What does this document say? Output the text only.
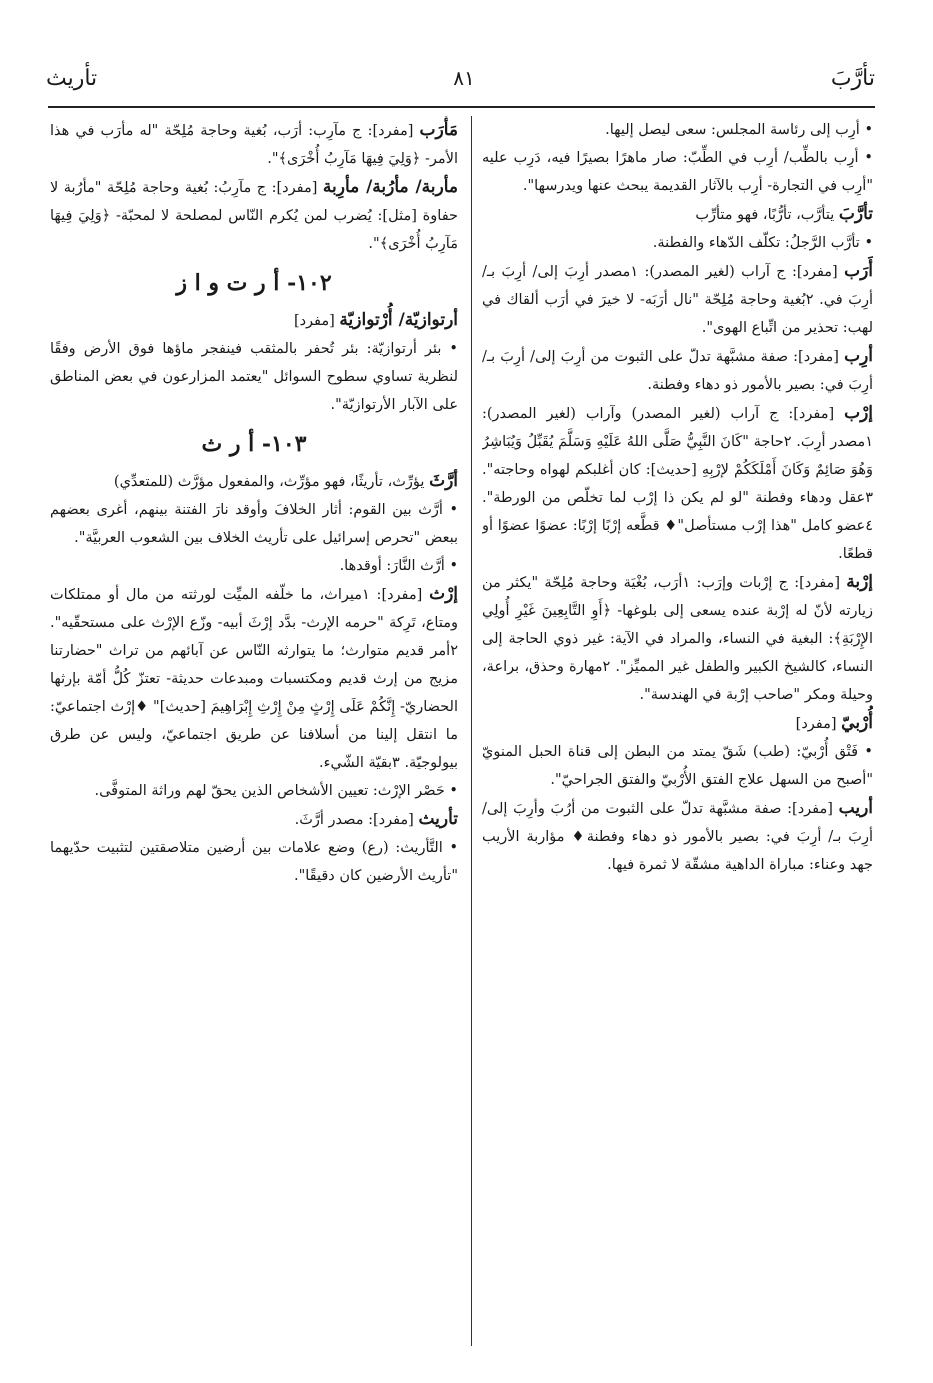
تأرَّبَ
٨١
تأريث

• أرِب إلى رئاسة المجلس: سعى ليصل إليها.

• أرِب بالطِّب/ أرِب في الطِّبّ: صار ماهرًا بصيرًا فيه، دَرِب عليه "أرِب في التجارة- أرِب بالآثار القديمة يبحث عنها ويدرسها".

تأرَّبَ يتأرَّب، تأرُّبًا، فهو متأرِّب

• تأرَّب الرَّجلُ: تكلّف الدّهاء والفطنة.

أَرَب [مفرد]: ج آراب (لغير المصدر): ١مصدر أرِبَ إلى/ أرِبَ بـ/ أرِبَ في. ٢بُغية وحاجة مُلِحّة "نال أرَبَه- لا خيرَ في أرَب ألقاك في لهب: تحذير من اتِّباع الهوى".

أرِب [مفرد]: صفة مشبَّهة تدلّ على الثبوت من أرِبَ إلى/ أرِبَ بـ/ أرِبَ في: بصير بالأمور ذو دهاء وفطنة.

إرْب [مفرد]: ج آراب (لغير المصدر) وآراب (لغير المصدر): ١مصدر أرِبَ. ٢حاجة "كَانَ النَّبِيُّ صَلَّى اللهُ عَلَيْهِ وَسَلَّمَ يُقَبِّلُ وَيُبَاشِرُ وَهُوَ صَائِمٌ وَكَانَ أَمْلَكَكُمْ لإرْبِهِ [حديث]: كان أغلبكم لهواه وحاجته". ٣عقل ودهاء وفطنة "لو لم يكن ذا إرْب لما تخلّص من الورطة". ٤عضو كامل "هذا إرْب مستأصل"♦ قطَّعه إرْبًا إرْبًا: عضوًا عضوًا أو قطعًا.

إرْبة [مفرد]: ج إرْبات وإرَب: ١أرَب، بُغْيَة وحاجة مُلِحّة "يكثر من زيارته لأنّ له إرْبة عنده يسعى إلى بلوغها- ﴿أَوِ التَّابِعِينَ غَيْرِ أُولِي الإِرْبَةِ﴾: البغية في النساء، والمراد في الآية: غير ذوي الحاجة إلى النساء، كالشيخ الكبير والطفل غير المميِّز". ٢مهارة وحذق، براعة، وحيلة ومكر "صاحب إرْبة في الهندسة".

أُرْبيّ [مفرد]

• فَتْق أُرْبيّ: (طب) شَقّ يمتد من البطن إلى قناة الحبل المنويّ "أصبح من السهل علاج الفتق الأُرْبيّ والفتق الجراحيّ".

أريب [مفرد]: صفة مشبَّهة تدلّ على الثبوت من أرُبَ وأرِبَ إلى/ أرِبَ بـ/ أرِبَ في: بصير بالأمور ذو دهاء وفطنة♦ مؤاربة الأريب جهد وعناء: مباراة الداهية مشقّة لا ثمرة فيها.

مَأْرَب [مفرد]: ج مآرِب: أرَب، بُغية وحاجة مُلِحّة "له مأرَب في هذا الأمر- ﴿وَلِيَ فِيهَا مَآرِبُ أُخْرَى﴾".

مأربة/ مأرُبة/ مأرِبة [مفرد]: ج مآرِبُ: بُغية وحاجة مُلِحّة "مأرُبة لا حفاوة [مثل]: يُضرب لمن يُكرم النّاس لمصلحة لا لمحبّة- ﴿وَلِيَ فِيهَا مَآرِبُ أُخْرَى﴾".

١٠٢- أ ر ت و ا ز

أرتوازيّة/ أُرْتوازيّة [مفرد]

• بئر أرتوازيّة: بئر تُحفر بالمثقب فينفجر ماؤها فوق الأرض وفقًا لنظرية تساوي سطوح السوائل "يعتمد المزارعون في بعض المناطق على الآبار الأرتوازيّة".

١٠٣- أ ر ث

أرَّثَ يؤرِّث، تأريثًا، فهو مؤرِّث، والمفعول مؤرَّث (للمتعدِّي)

• أرَّث بين القوم: أثار الخلافَ وأوقد نارَ الفتنة بينهم، أغرى بعضهم ببعض "تحرص إسرائيل على تأريث الخلاف بين الشعوب العربيَّة".

• أرَّث النَّارَ: أوقدها.

إرْث [مفرد]: ١ميراث، ما خلّفه الميِّت لورثته من مال أو ممتلكات ومتاع، تَرِكة "حرمه الإرث- بدَّد إرْثَ أبيه- وزّع الإرْث على مستحقّيه". ٢أمر قديم متوارث؛ ما يتوارثه النّاس عن آبائهم من تراث "حضارتنا مزيج من إرث قديم ومكتسبات ومبدعات حديثة- تعتزّ كُلُّ أمّة بإرثها الحضاريّ- إِنَّكُمْ عَلَى إِرْثٍ مِنْ إِرْثِ إِبْرَاهِيمَ [حديث]" ♦إرْث اجتماعيّ: ما انتقل إلينا من أسلافنا عن طريق اجتماعيّ، وليس عن طرق بيولوجيّة. ٣بقيّة الشّيء.

• حَصْر الإرْث: تعيين الأشخاص الذين يحقّ لهم وراثة المتوفَّى.

تأريث [مفرد]: مصدر أرَّثَ.

• التَّأريث: (رع) وضع علامات بين أرضين متلاصقتين لتثبيت حدّيهما "تأريث الأرضين كان دقيقًا".
